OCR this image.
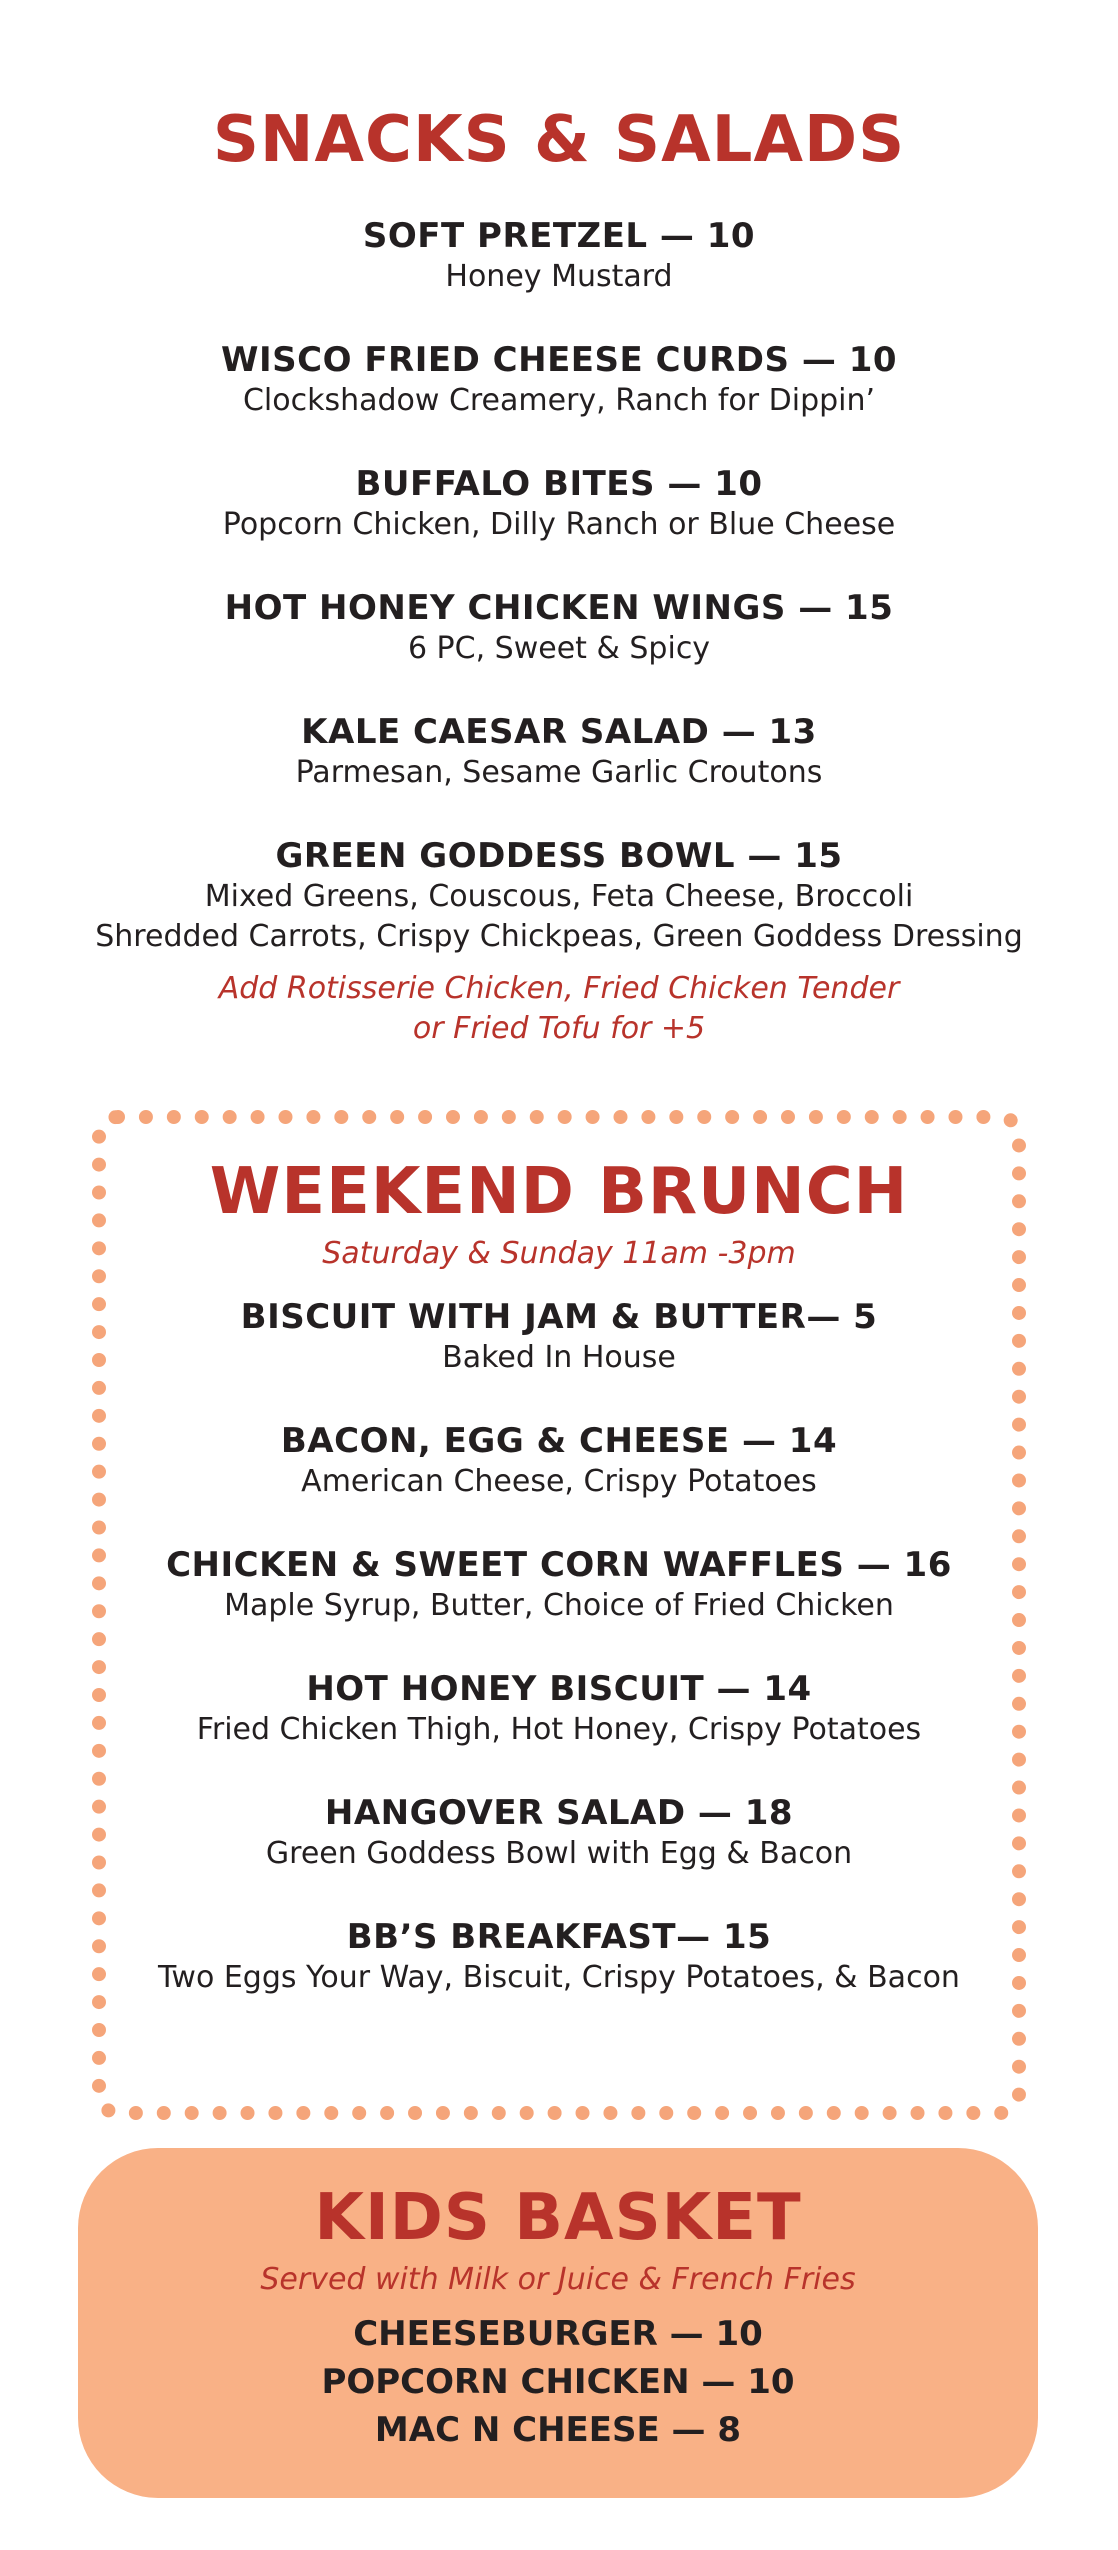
SNACKS & SALADS
SOFT PRETZEL — 10
Honey Mustard
WISCO FRIED CHEESE CURDS — 10
Clockshadow Creamery, Ranch for Dippin’
BUFFALO BITES — 10
Popcorn Chicken, Dilly Ranch or Blue Cheese
HOT HONEY CHICKEN WINGS — 15
6 PC, Sweet & Spicy
KALE CAESAR SALAD — 13
Parmesan, Sesame Garlic Croutons
GREEN GODDESS BOWL — 15
Mixed Greens, Couscous, Feta Cheese, Broccoli
Shredded Carrots, Crispy Chickpeas, Green Goddess Dressing
Add Rotisserie Chicken, Fried Chicken Tender
or Fried Tofu for +5
WEEKEND BRUNCH
Saturday & Sunday 11am -3pm
BISCUIT WITH JAM & BUTTER— 5
Baked In House
BACON, EGG & CHEESE — 14
American Cheese, Crispy Potatoes
CHICKEN & SWEET CORN WAFFLES — 16
Maple Syrup, Butter, Choice of Fried Chicken
HOT HONEY BISCUIT — 14
Fried Chicken Thigh, Hot Honey, Crispy Potatoes
HANGOVER SALAD — 18
Green Goddess Bowl with Egg & Bacon
BB’S BREAKFAST— 15
Two Eggs Your Way, Biscuit, Crispy Potatoes, & Bacon
KIDS BASKET
Served with Milk or Juice & French Fries
CHEESEBURGER — 10
POPCORN CHICKEN — 10
MAC N CHEESE — 8
